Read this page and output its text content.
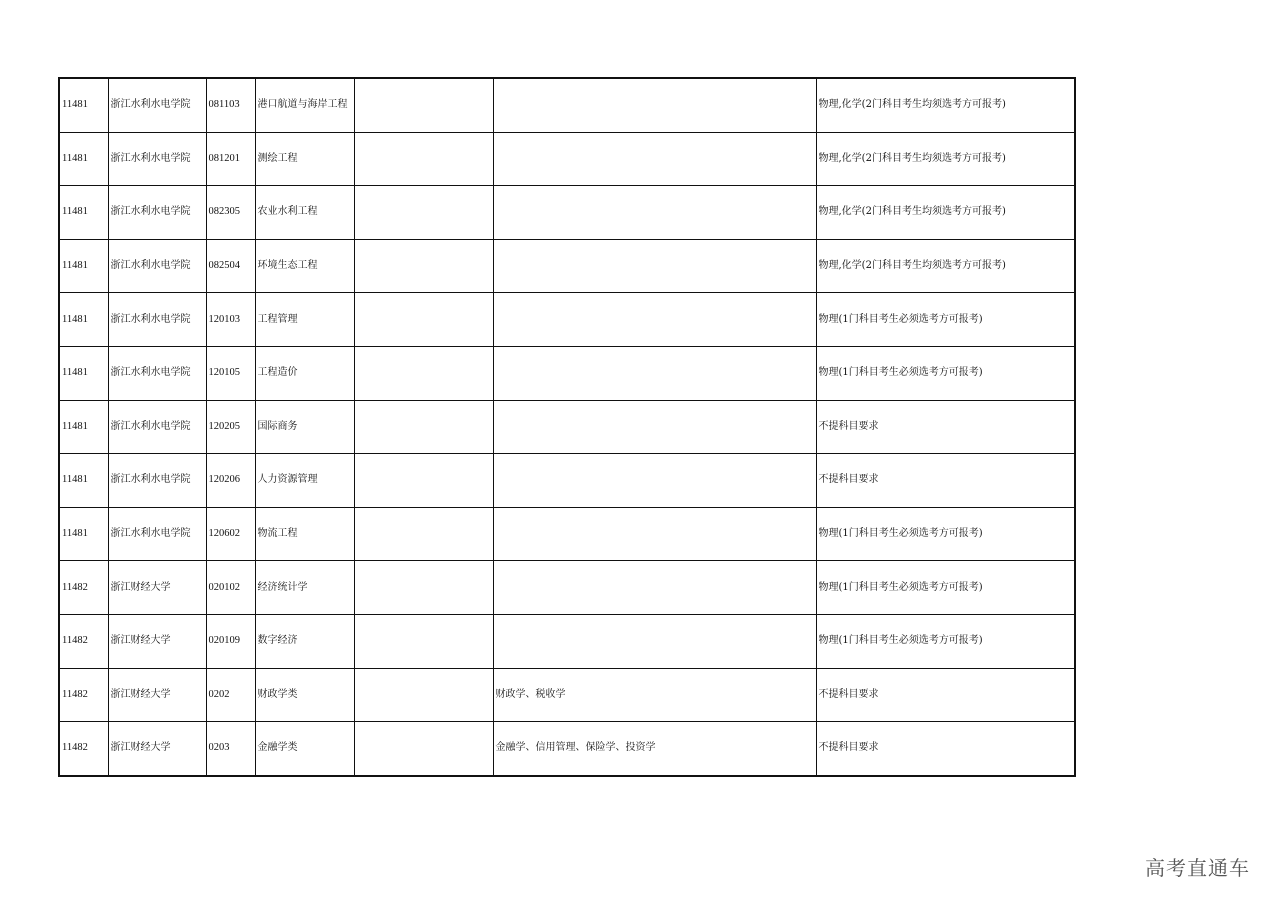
11481	浙江水利水电学院	081103	港口航道与海岸工程			物理,化学(2门科目考生均须选考方可报考)
11481	浙江水利水电学院	081201	测绘工程			物理,化学(2门科目考生均须选考方可报考)
11481	浙江水利水电学院	082305	农业水利工程			物理,化学(2门科目考生均须选考方可报考)
11481	浙江水利水电学院	082504	环境生态工程			物理,化学(2门科目考生均须选考方可报考)
11481	浙江水利水电学院	120103	工程管理			物理(1门科目考生必须选考方可报考)
11481	浙江水利水电学院	120105	工程造价			物理(1门科目考生必须选考方可报考)
11481	浙江水利水电学院	120205	国际商务			不提科目要求
11481	浙江水利水电学院	120206	人力资源管理			不提科目要求
11481	浙江水利水电学院	120602	物流工程			物理(1门科目考生必须选考方可报考)
11482	浙江财经大学	020102	经济统计学			物理(1门科目考生必须选考方可报考)
11482	浙江财经大学	020109	数字经济			物理(1门科目考生必须选考方可报考)
11482	浙江财经大学	0202	财政学类		财政学、税收学	不提科目要求
11482	浙江财经大学	0203	金融学类		金融学、信用管理、保险学、投资学	不提科目要求
高考直通车
